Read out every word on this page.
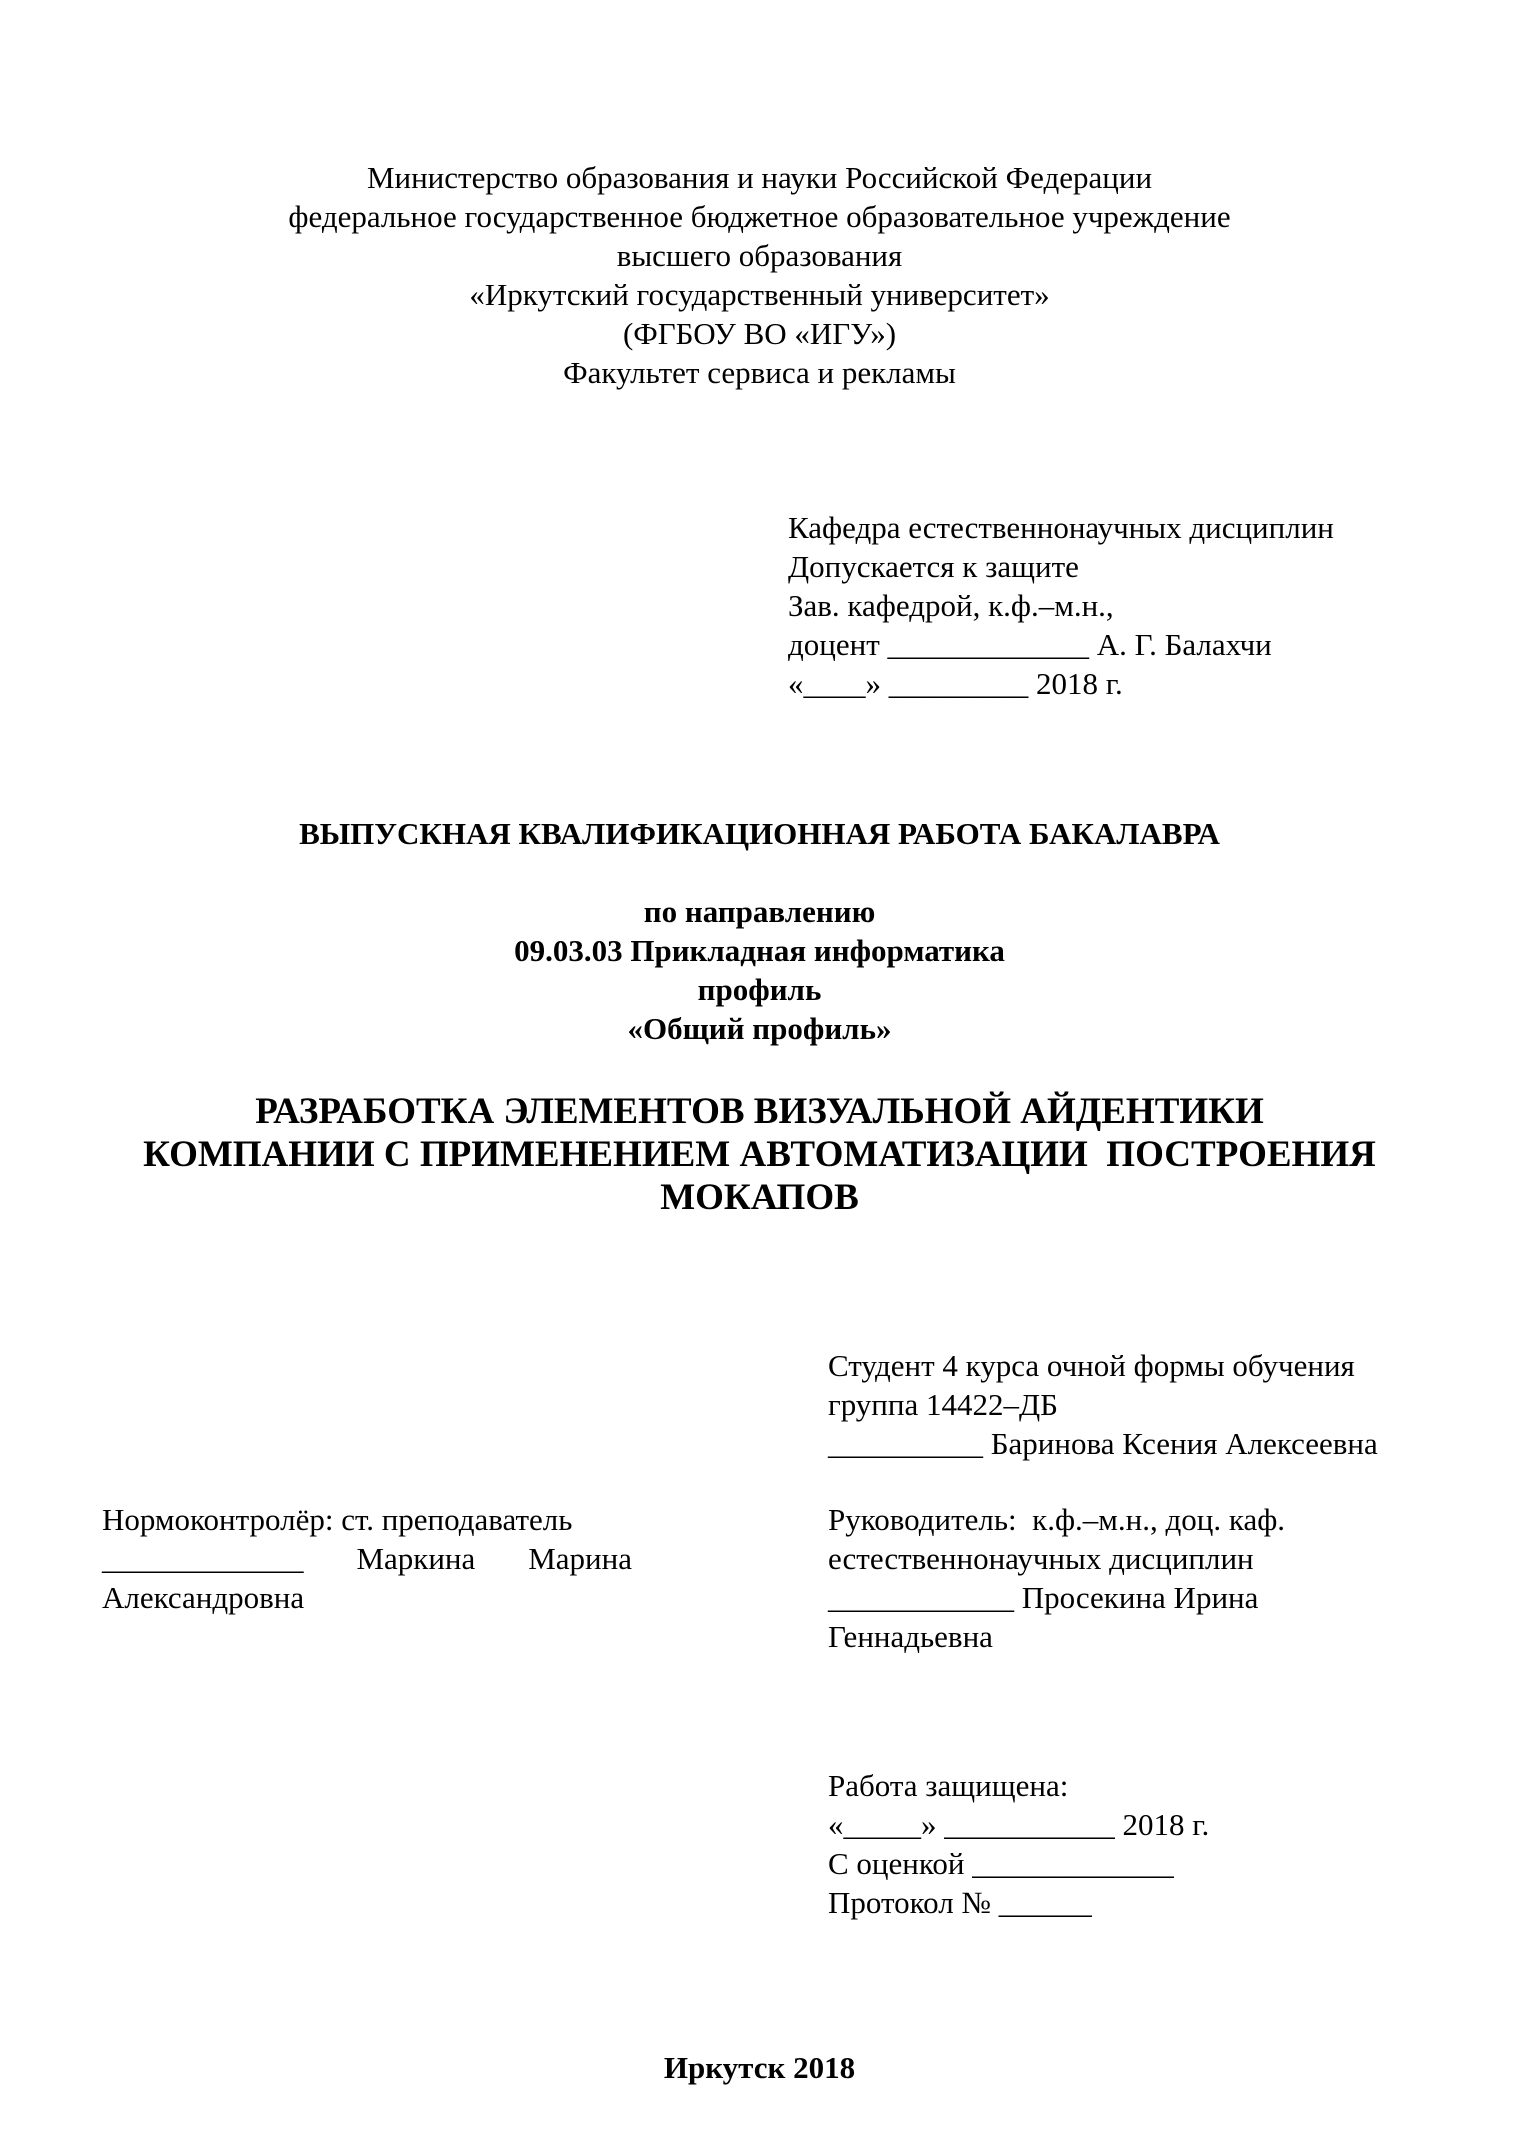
Министерство образования и науки Российской Федерации
федеральное государственное бюджетное образовательное учреждение
высшего образования
«Иркутский государственный университет»
(ФГБОУ ВО «ИГУ»)
Факультет сервиса и рекламы
Кафедра естественнонаучных дисциплин
Допускается к защите
Зав. кафедрой, к.ф.–м.н.,
доцент _____________ А. Г. Балахчи
«____» _________ 2018 г.
ВЫПУСКНАЯ КВАЛИФИКАЦИОННАЯ РАБОТА БАКАЛАВРА
по направлению
09.03.03 Прикладная информатика
профиль
«Общий профиль»
РАЗРАБОТКА ЭЛЕМЕНТОВ ВИЗУАЛЬНОЙ АЙДЕНТИКИ
КОМПАНИИ С ПРИМЕНЕНИЕМ АВТОМАТИЗАЦИИ  ПОСТРОЕНИЯ
МОКАПОВ
Студент 4 курса очной формы обучения
группа 14422–ДБ
__________ Баринова Ксения Алексеевна
Нормоконтролёр: ст. преподаватель
_____________ Маркина Марина
Александровна
Руководитель:  к.ф.–м.н., доц. каф.
естественнонаучных дисциплин
____________ Просекина Ирина
Геннадьевна
Работа защищена:
«_____» ___________ 2018 г.
С оценкой _____________
Протокол № ______
Иркутск 2018
